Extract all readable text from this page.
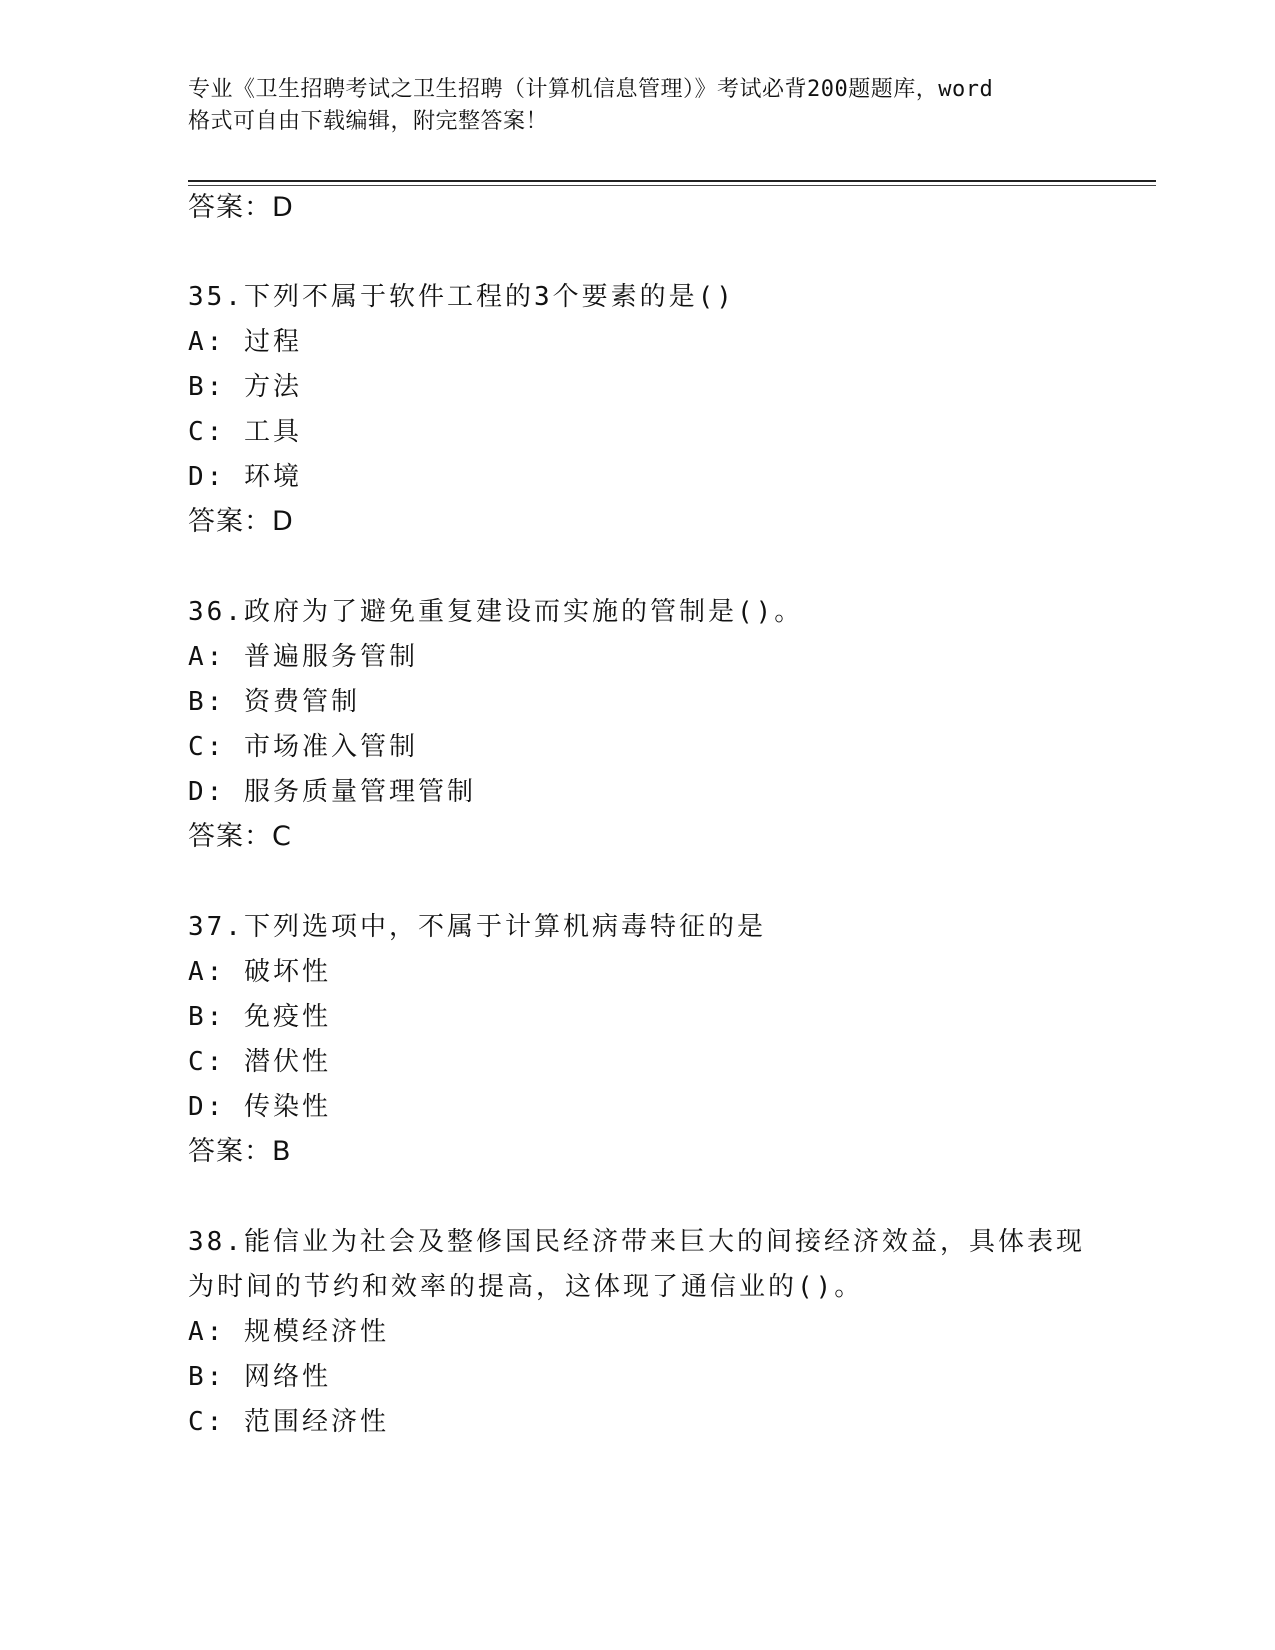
专业《卫生招聘考试之卫生招聘（计算机信息管理）》考试必背200题题库，word

格式可自由下载编辑，附完整答案！

答案：D
35.下列不属于软件工程的3个要素的是()
A: 过程
B: 方法
C: 工具
D: 环境
答案：D
36.政府为了避免重复建设而实施的管制是()。
A: 普遍服务管制
B: 资费管制
C: 市场准入管制
D: 服务质量管理管制
答案：C
37.下列选项中，不属于计算机病毒特征的是
A: 破坏性
B: 免疫性
C: 潜伏性
D: 传染性
答案：B
38.能信业为社会及整修国民经济带来巨大的间接经济效益，具体表现
为时间的节约和效率的提高，这体现了通信业的()。
A: 规模经济性
B: 网络性
C: 范围经济性
